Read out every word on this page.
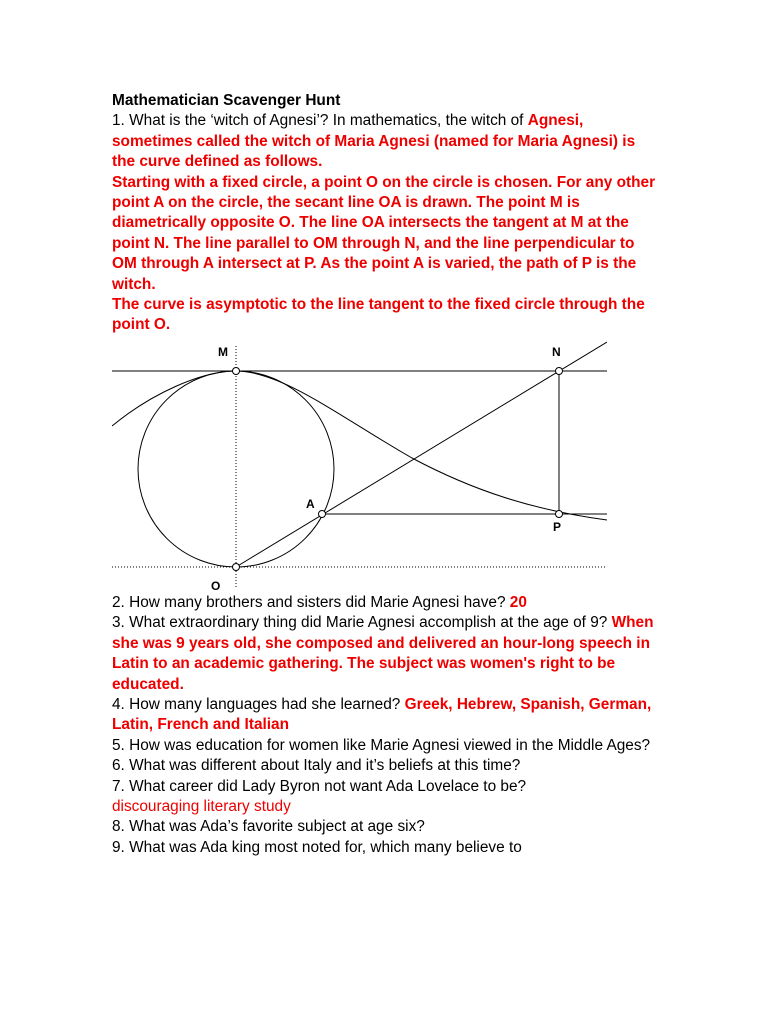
Mathematician Scavenger Hunt

1. What is the ‘witch of Agnesi’? In mathematics, the witch of Agnesi, sometimes called the witch of Maria Agnesi (named for Maria Agnesi) is the curve defined as follows.

Starting with a fixed circle, a point O on the circle is chosen. For any other point A on the circle, the secant line OA is drawn. The point M is diametrically opposite O. The line OA intersects the tangent at M at the point N. The line parallel to OM through N, and the line perpendicular to OM through A intersect at P. As the point A is varied, the path of P is the witch.

The curve is asymptotic to the line tangent to the fixed circle through the point O.

M	N
A
P
O

2. How many brothers and sisters did Marie Agnesi have? 20

3. What extraordinary thing did Marie Agnesi accomplish at the age of 9? When she was 9 years old, she composed and delivered an hour-long speech in Latin to an academic gathering. The subject was women's right to be educated.

4. How many languages had she learned? Greek, Hebrew, Spanish, German, Latin, French and Italian

5. How was education for women like Marie Agnesi viewed in the Middle Ages?

6. What was different about Italy and it’s beliefs at this time?

7. What career did Lady Byron not want Ada Lovelace to be?

discouraging literary study

8. What was Ada’s favorite subject at age six?

9. What was Ada king most noted for, which many believe to
